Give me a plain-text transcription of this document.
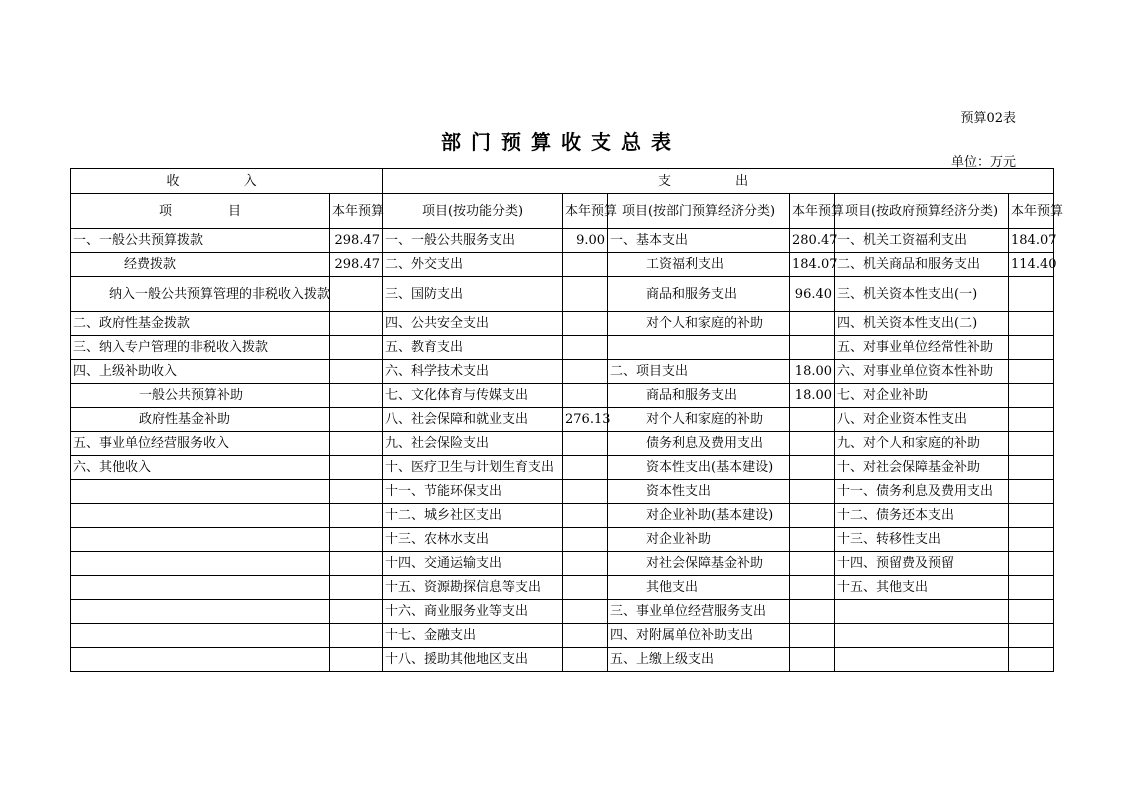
预算02表
部门预算收支总表
单位：万元
收 入		支 出					
项 目	本年预算	项目(按功能分类)	本年预算	项目(按部门预算经济分类)	本年预算	项目(按政府预算经济分类)	本年预算
一、一般公共预算拨款	298.47	一、一般公共服务支出	9.00	一、基本支出	280.47	一、机关工资福利支出	184.07
经费拨款	298.47	二、外交支出		工资福利支出	184.07	二、机关商品和服务支出	114.40
纳入一般公共预算管理的非税收入拨款		三、国防支出		商品和服务支出	96.40	三、机关资本性支出(一)	
二、政府性基金拨款		四、公共安全支出		对个人和家庭的补助		四、机关资本性支出(二)	
三、纳入专户管理的非税收入拨款		五、教育支出				五、对事业单位经常性补助	
四、上级补助收入		六、科学技术支出		二、项目支出	18.00	六、对事业单位资本性补助	
一般公共预算补助		七、文化体育与传媒支出		商品和服务支出	18.00	七、对企业补助	
政府性基金补助		八、社会保障和就业支出	276.13	对个人和家庭的补助		八、对企业资本性支出	
五、事业单位经营服务收入		九、社会保险支出		债务利息及费用支出		九、对个人和家庭的补助	
六、其他收入		十、医疗卫生与计划生育支出		资本性支出(基本建设)		十、对社会保障基金补助	
		十一、节能环保支出		资本性支出		十一、债务利息及费用支出	
		十二、城乡社区支出		对企业补助(基本建设)		十二、债务还本支出	
		十三、农林水支出		对企业补助		十三、转移性支出	
		十四、交通运输支出		对社会保障基金补助		十四、预留费及预留	
		十五、资源勘探信息等支出		其他支出		十五、其他支出	
		十六、商业服务业等支出		三、事业单位经营服务支出			
		十七、金融支出		四、对附属单位补助支出			
		十八、援助其他地区支出		五、上缴上级支出			
